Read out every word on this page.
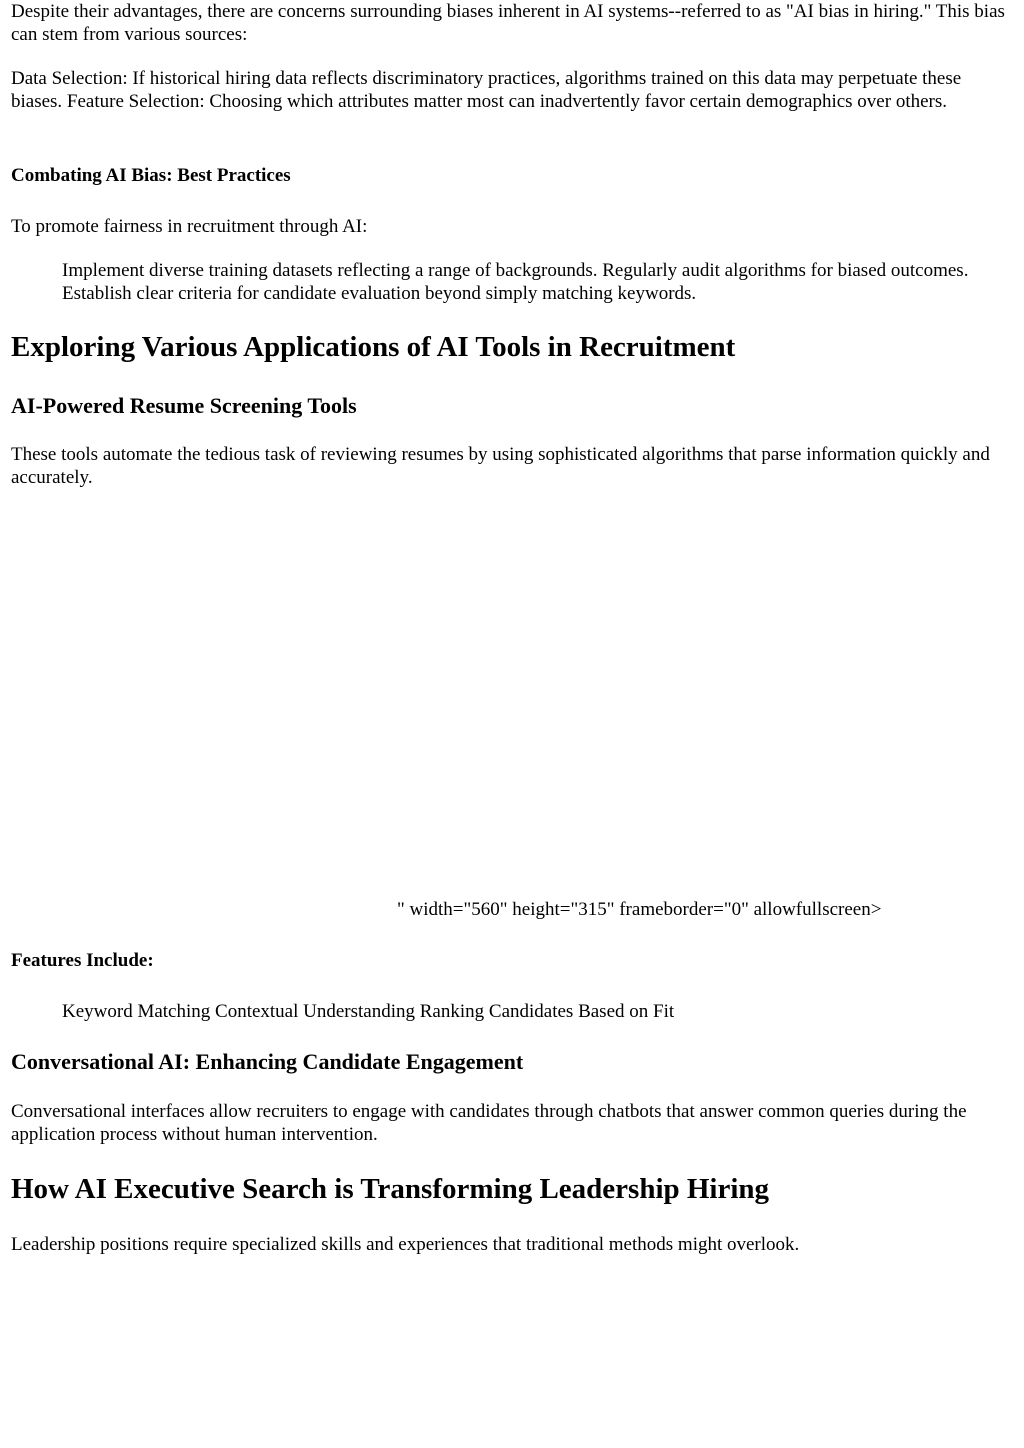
Despite their advantages, there are concerns surrounding biases inherent in AI systems--referred to as "AI bias in hiring." This bias can stem from various sources:

Data Selection: If historical hiring data reflects discriminatory practices, algorithms trained on this data may perpetuate these biases. Feature Selection: Choosing which attributes matter most can inadvertently favor certain demographics over others.

Combating AI Bias: Best Practices

To promote fairness in recruitment through AI:

Implement diverse training datasets reflecting a range of backgrounds. Regularly audit algorithms for biased outcomes. Establish clear criteria for candidate evaluation beyond simply matching keywords.

Exploring Various Applications of AI Tools in Recruitment
AI-Powered Resume Screening Tools

These tools automate the tedious task of reviewing resumes by using sophisticated algorithms that parse information quickly and accurately.

" width="560" height="315" frameborder="0" allowfullscreen>

Features Include:

Keyword Matching Contextual Understanding Ranking Candidates Based on Fit

Conversational AI: Enhancing Candidate Engagement

Conversational interfaces allow recruiters to engage with candidates through chatbots that answer common queries during the application process without human intervention.

How AI Executive Search is Transforming Leadership Hiring

Leadership positions require specialized skills and experiences that traditional methods might overlook.
